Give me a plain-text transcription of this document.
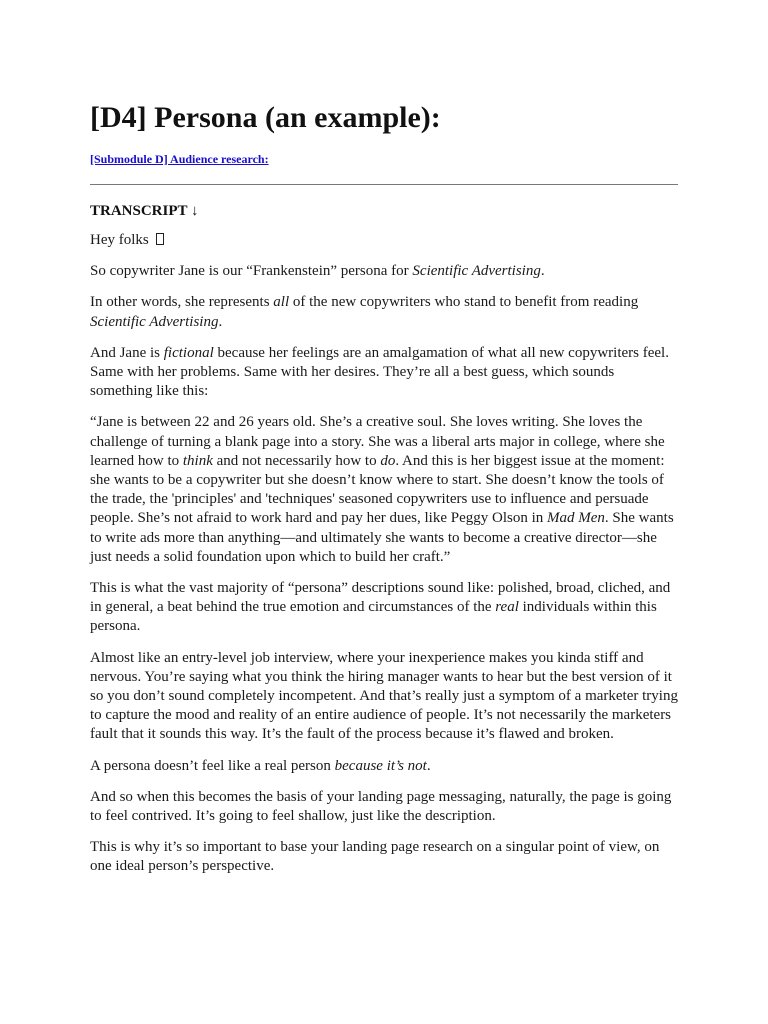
[D4] Persona (an example):
[Submodule D] Audience research:
TRANSCRIPT ↓

Hey folks

So copywriter Jane is our “Frankenstein” persona for Scientific Advertising.

In other words, she represents all of the new copywriters who stand to benefit from reading Scientific Advertising.

And Jane is fictional because her feelings are an amalgamation of what all new copywriters feel. Same with her problems. Same with her desires. They’re all a best guess, which sounds something like this:

“Jane is between 22 and 26 years old. She’s a creative soul. She loves writing. She loves the challenge of turning a blank page into a story. She was a liberal arts major in college, where she learned how to think and not necessarily how to do. And this is her biggest issue at the moment: she wants to be a copywriter but she doesn’t know where to start. She doesn’t know the tools of the trade, the 'principles' and 'techniques' seasoned copywriters use to influence and persuade people. She’s not afraid to work hard and pay her dues, like Peggy Olson in Mad Men. She wants to write ads more than anything—and ultimately she wants to become a creative director—she just needs a solid foundation upon which to build her craft.”

This is what the vast majority of “persona” descriptions sound like: polished, broad, cliched, and in general, a beat behind the true emotion and circumstances of the real individuals within this persona.

Almost like an entry-level job interview, where your inexperience makes you kinda stiff and nervous. You’re saying what you think the hiring manager wants to hear but the best version of it so you don’t sound completely incompetent. And that’s really just a symptom of a marketer trying to capture the mood and reality of an entire audience of people. It’s not necessarily the marketers fault that it sounds this way. It’s the fault of the process because it’s flawed and broken.

A persona doesn’t feel like a real person because it’s not.

And so when this becomes the basis of your landing page messaging, naturally, the page is going to feel contrived. It’s going to feel shallow, just like the description.

This is why it’s so important to base your landing page research on a singular point of view, on one ideal person’s perspective.
